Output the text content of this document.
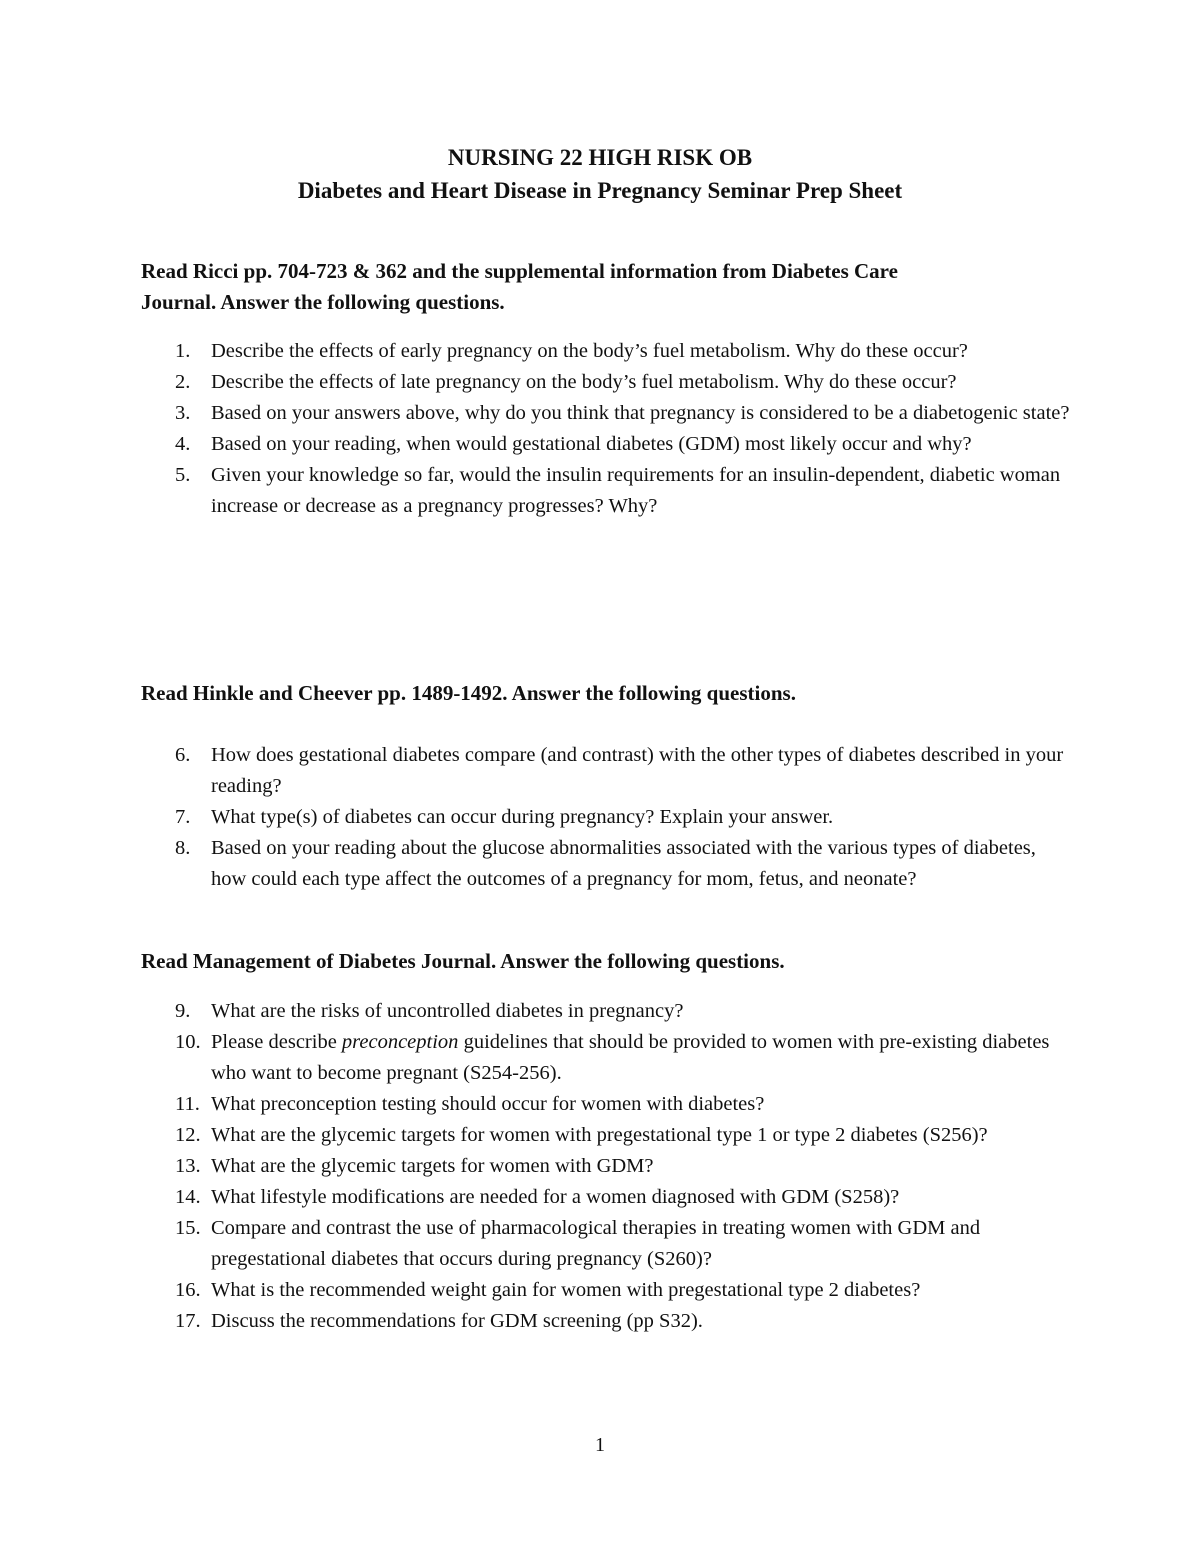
NURSING 22 HIGH RISK OB
Diabetes and Heart Disease in Pregnancy Seminar Prep Sheet
Read Ricci pp. 704-723 & 362 and the supplemental information from Diabetes Care
Journal. Answer the following questions.
1. Describe the effects of early pregnancy on the body’s fuel metabolism. Why do these occur?
2. Describe the effects of late pregnancy on the body’s fuel metabolism. Why do these occur?
3. Based on your answers above, why do you think that pregnancy is considered to be a diabetogenic state?
4. Based on your reading, when would gestational diabetes (GDM) most likely occur and why?
5. Given your knowledge so far, would the insulin requirements for an insulin-dependent, diabetic woman increase or decrease as a pregnancy progresses? Why?
Read Hinkle and Cheever pp. 1489-1492. Answer the following questions.
6. How does gestational diabetes compare (and contrast) with the other types of diabetes described in your reading?
7. What type(s) of diabetes can occur during pregnancy? Explain your answer.
8. Based on your reading about the glucose abnormalities associated with the various types of diabetes, how could each type affect the outcomes of a pregnancy for mom, fetus, and neonate?
Read Management of Diabetes Journal. Answer the following questions.
9. What are the risks of uncontrolled diabetes in pregnancy?
10. Please describe preconception guidelines that should be provided to women with pre-existing diabetes who want to become pregnant (S254-256).
11. What preconception testing should occur for women with diabetes?
12. What are the glycemic targets for women with pregestational type 1 or type 2 diabetes (S256)?
13. What are the glycemic targets for women with GDM?
14. What lifestyle modifications are needed for a women diagnosed with GDM (S258)?
15. Compare and contrast the use of pharmacological therapies in treating women with GDM and pregestational diabetes that occurs during pregnancy (S260)?
16. What is the recommended weight gain for women with pregestational type 2 diabetes?
17. Discuss the recommendations for GDM screening (pp S32).
1
